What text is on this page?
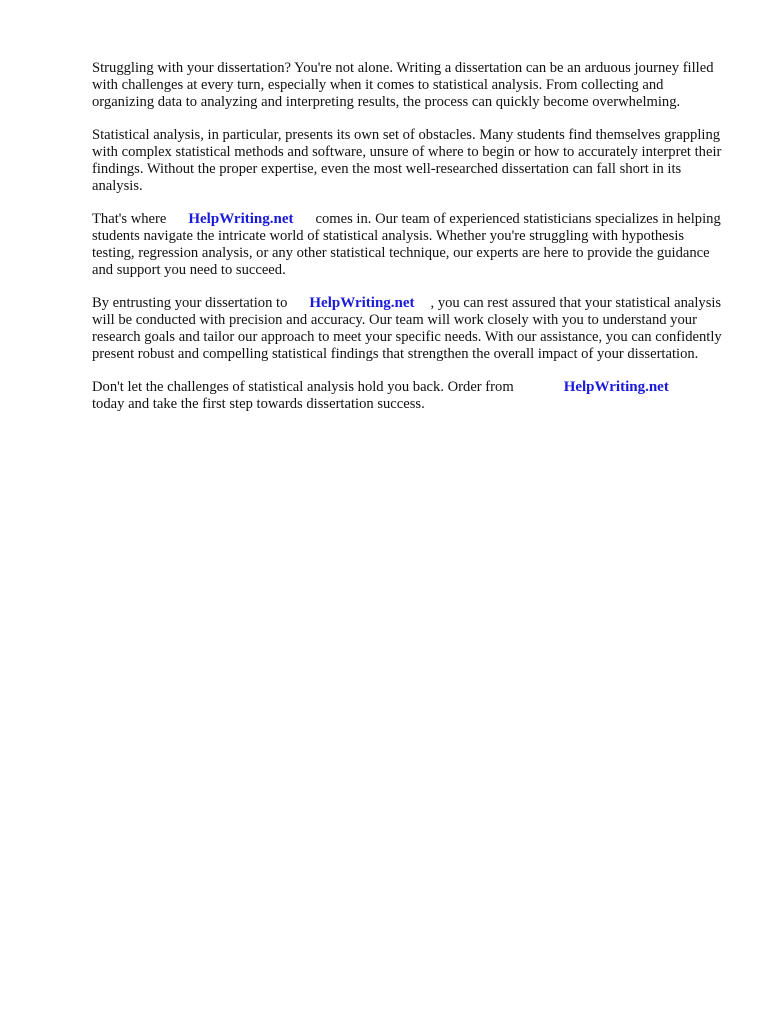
Struggling with your dissertation? You're not alone. Writing a dissertation can be an arduous journey filled with challenges at every turn, especially when it comes to statistical analysis. From collecting and organizing data to analyzing and interpreting results, the process can quickly become overwhelming.

Statistical analysis, in particular, presents its own set of obstacles. Many students find themselves grappling with complex statistical methods and software, unsure of where to begin or how to accurately interpret their findings. Without the proper expertise, even the most well-researched dissertation can fall short in its analysis.

That's where HelpWriting.net comes in. Our team of experienced statisticians specializes in helping students navigate the intricate world of statistical analysis. Whether you're struggling with hypothesis testing, regression analysis, or any other statistical technique, our experts are here to provide the guidance and support you need to succeed.

By entrusting your dissertation to HelpWriting.net , you can rest assured that your statistical analysis will be conducted with precision and accuracy. Our team will work closely with you to understand your research goals and tailor our approach to meet your specific needs. With our assistance, you can confidently present robust and compelling statistical findings that strengthen the overall impact of your dissertation.

Don't let the challenges of statistical analysis hold you back. Order from	HelpWriting.net
today and take the first step towards dissertation success.
